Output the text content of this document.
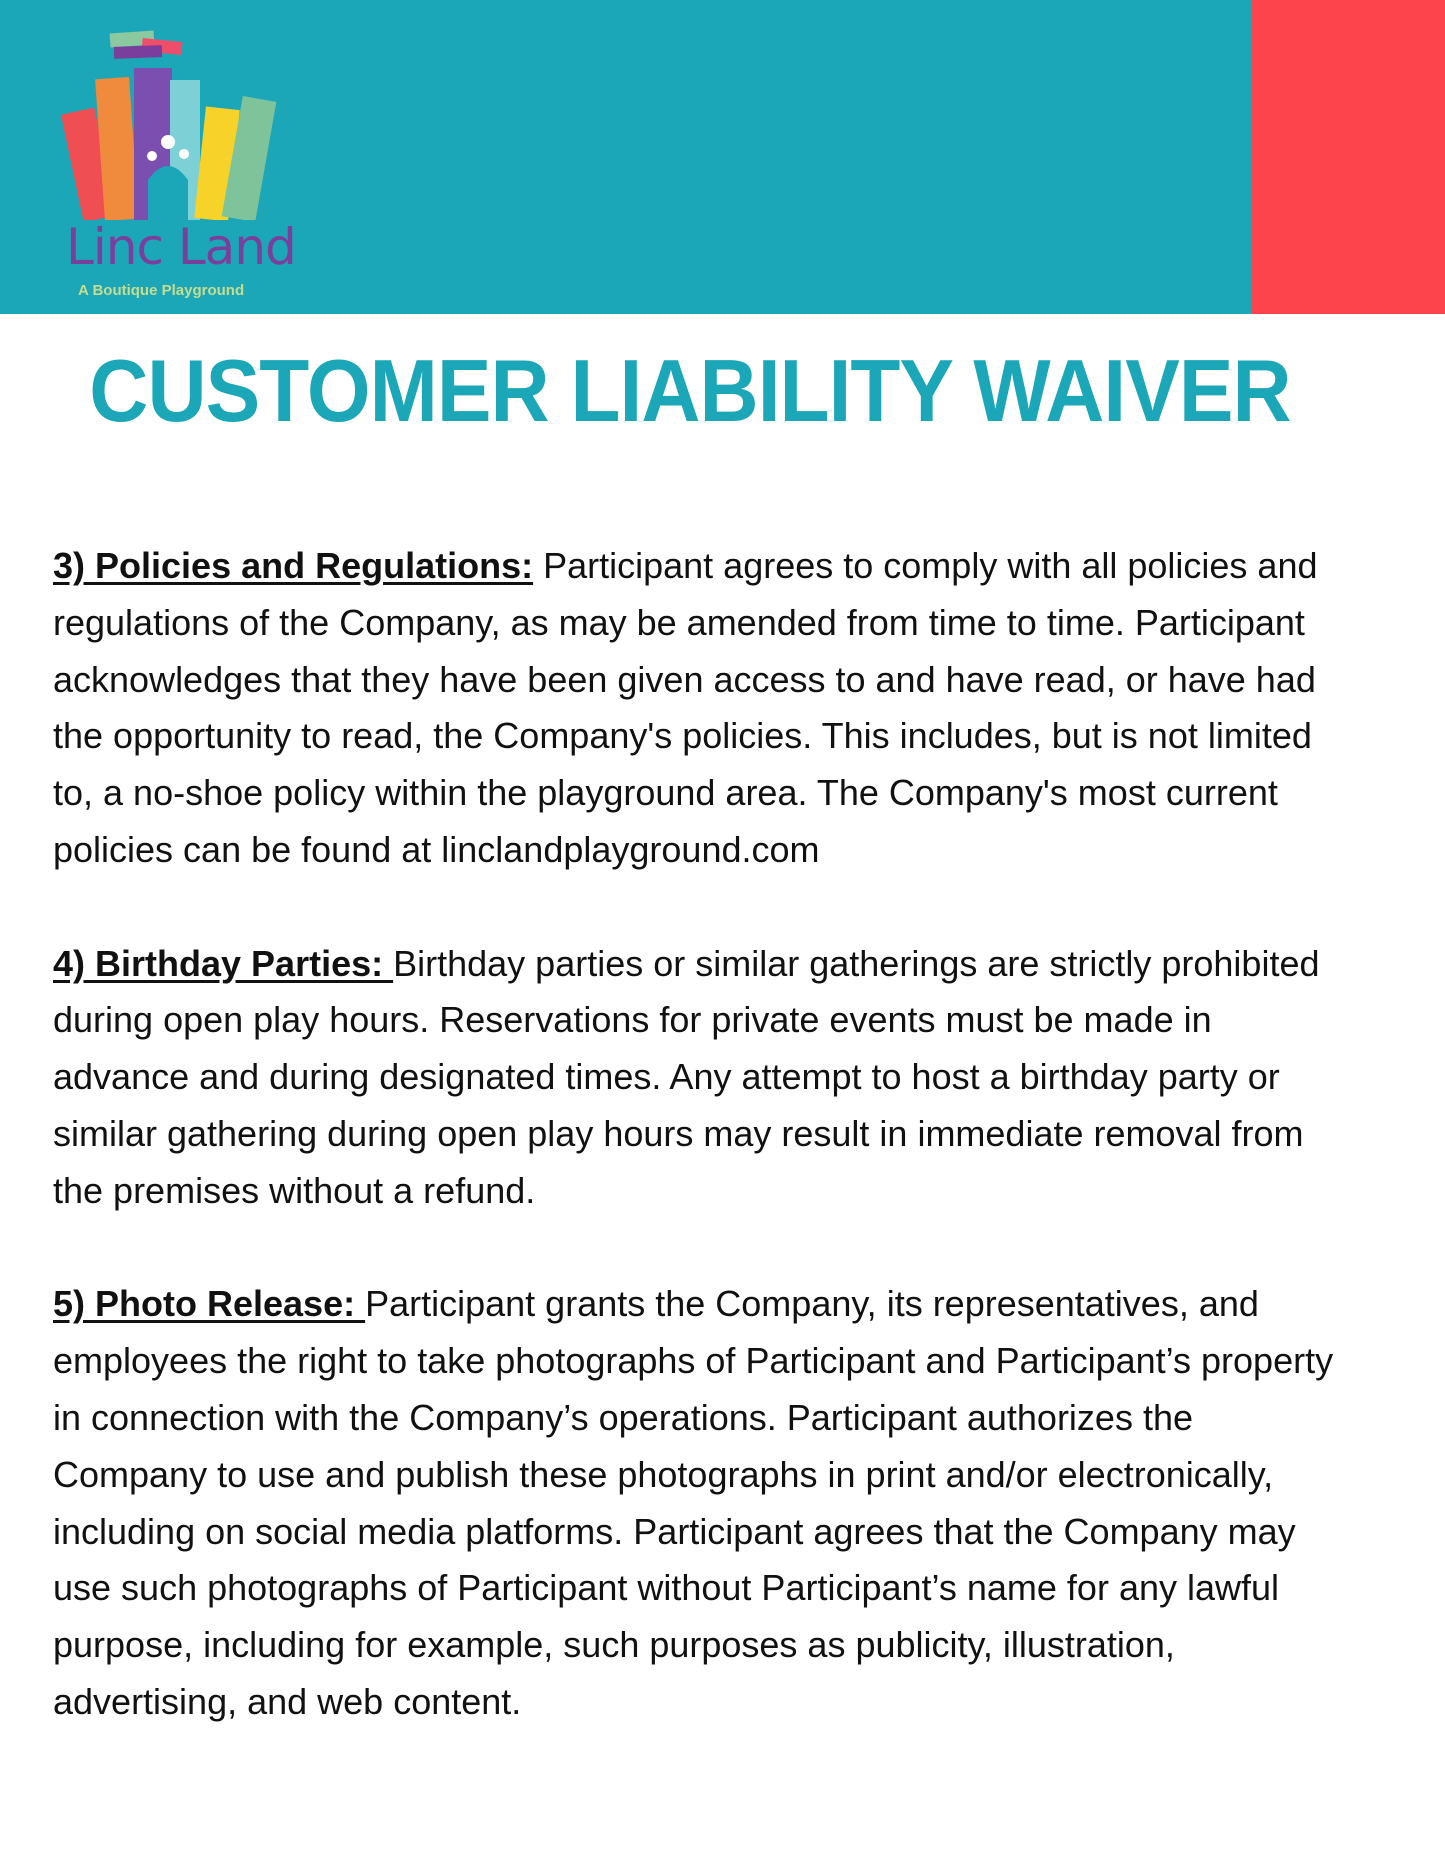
Linc Land
A Boutique Playground
CUSTOMER LIABILITY WAIVER

3) Policies and Regulations: Participant agrees to comply with all policies and regulations of the Company, as may be amended from time to time. Participant acknowledges that they have been given access to and have read, or have had the opportunity to read, the Company's policies. This includes, but is not limited to, a no-shoe policy within the playground area. The Company's most current policies can be found at linclandplayground.com

4) Birthday Parties: Birthday parties or similar gatherings are strictly prohibited during open play hours. Reservations for private events must be made in advance and during designated times. Any attempt to host a birthday party or similar gathering during open play hours may result in immediate removal from the premises without a refund.

5) Photo Release: Participant grants the Company, its representatives, and employees the right to take photographs of Participant and Participant’s property in connection with the Company’s operations. Participant authorizes the Company to use and publish these photographs in print and/or electronically, including on social media platforms. Participant agrees that the Company may use such photographs of Participant without Participant’s name for any lawful purpose, including for example, such purposes as publicity, illustration, advertising, and web content.
